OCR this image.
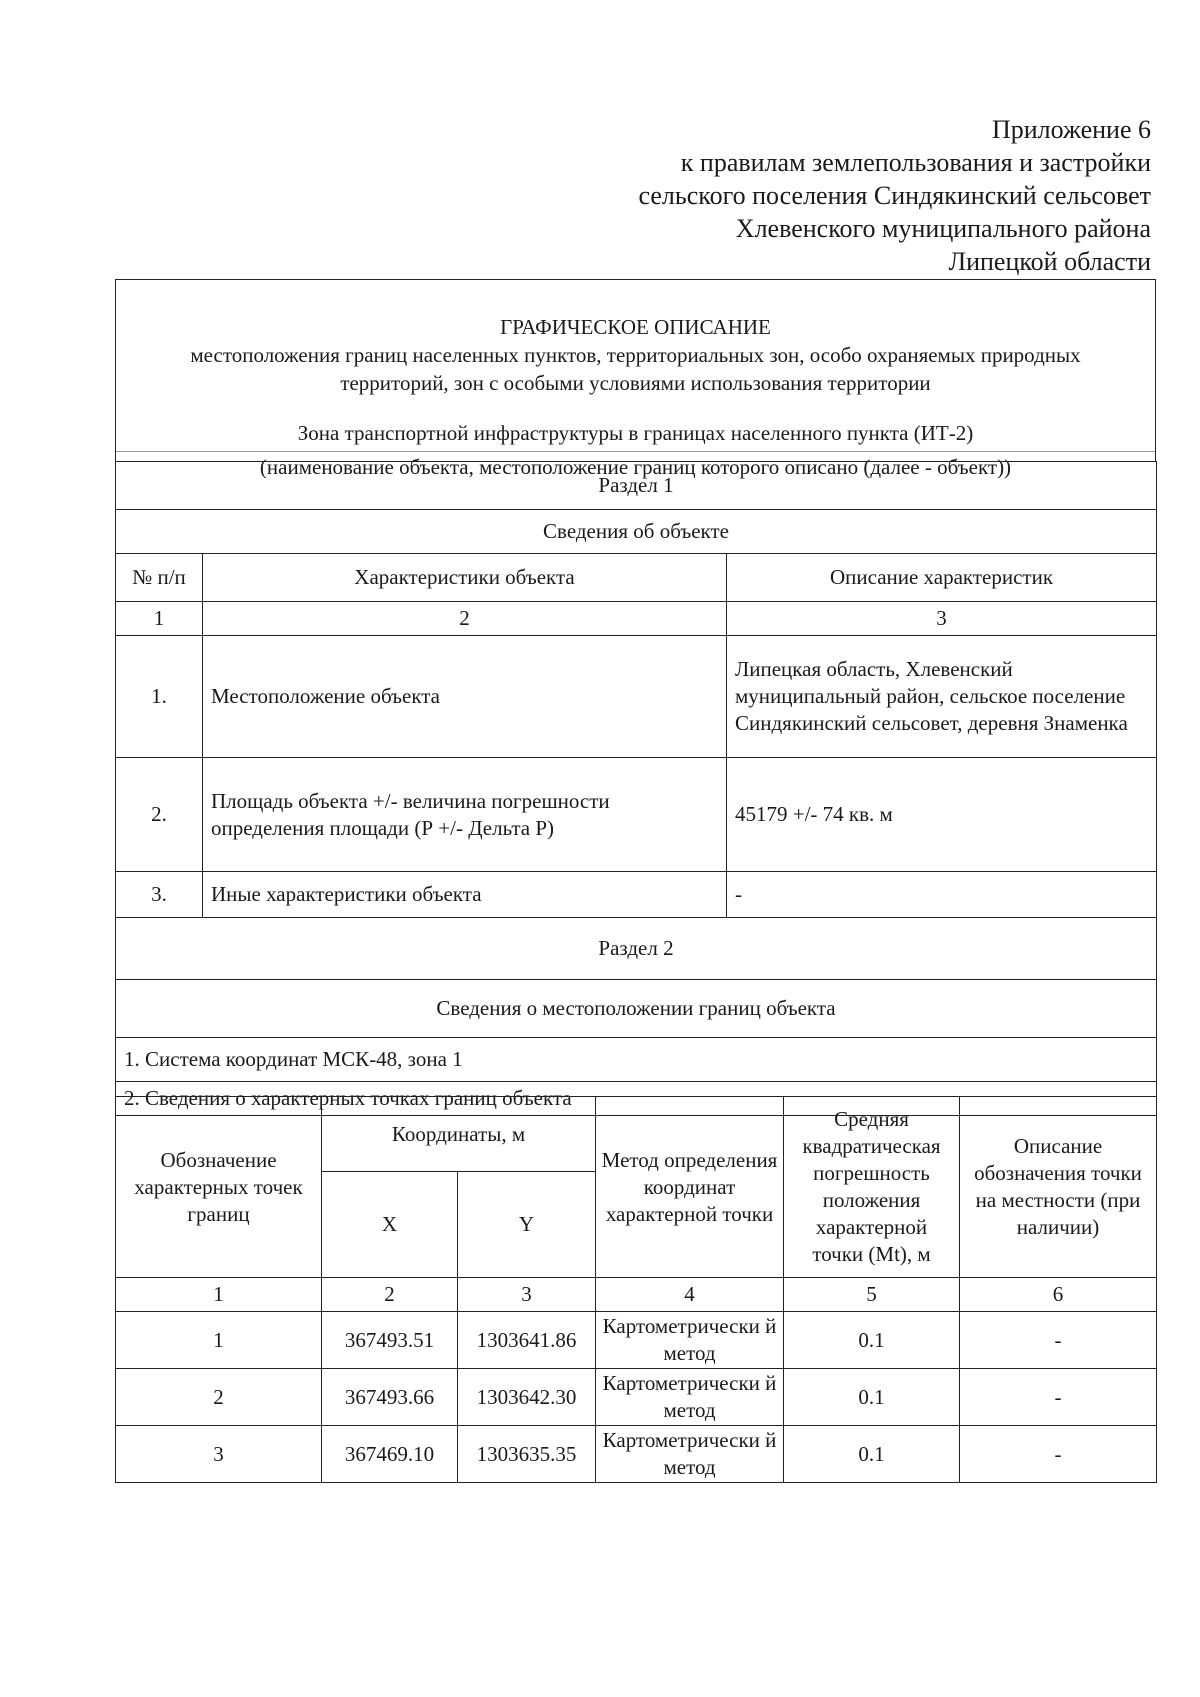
Приложение 6
к правилам землепользования и застройки
сельского поселения Синдякинский сельсовет
Хлевенского муниципального района
Липецкой области
ГРАФИЧЕСКОЕ ОПИСАНИЕ
местоположения границ населенных пунктов, территориальных зон, особо охраняемых природных
территорий, зон с особыми условиями использования территории
Зона транспортной инфраструктуры в границах населенного пункта (ИТ-2)
(наименование объекта, местоположение границ которого описано (далее - объект))
Раздел 1		
Сведения об объекте		
№ п/п	Характеристики объекта	Описание характеристик
1	2	3
1.	Местоположение объекта	Липецкая область, Хлевенский муниципальный район, сельское поселение Синдякинский сельсовет, деревня Знаменка
2.	Площадь объекта +/- величина погрешности определения площади (Р +/- Дельта Р)	45179 +/- 74 кв. м
3.	Иные характеристики объекта	-
Раздел 2		
Сведения о местоположении границ объекта		
1. Система координат МСК-48, зона 1		
2. Сведения о характерных точках границ объекта		
Обозначение характерных точек границ	Координаты, м		Метод определения координат характерной точки	Средняя квадратическая погрешность положения характерной точки (Mt), м	Описание обозначения точки на местности (при наличии)
	X	Y			
1	2	3	4	5	6
1	367493.51	1303641.86	Картометрически й метод	0.1	-
2	367493.66	1303642.30	Картометрически й метод	0.1	-
3	367469.10	1303635.35	Картометрически й метод	0.1	-
